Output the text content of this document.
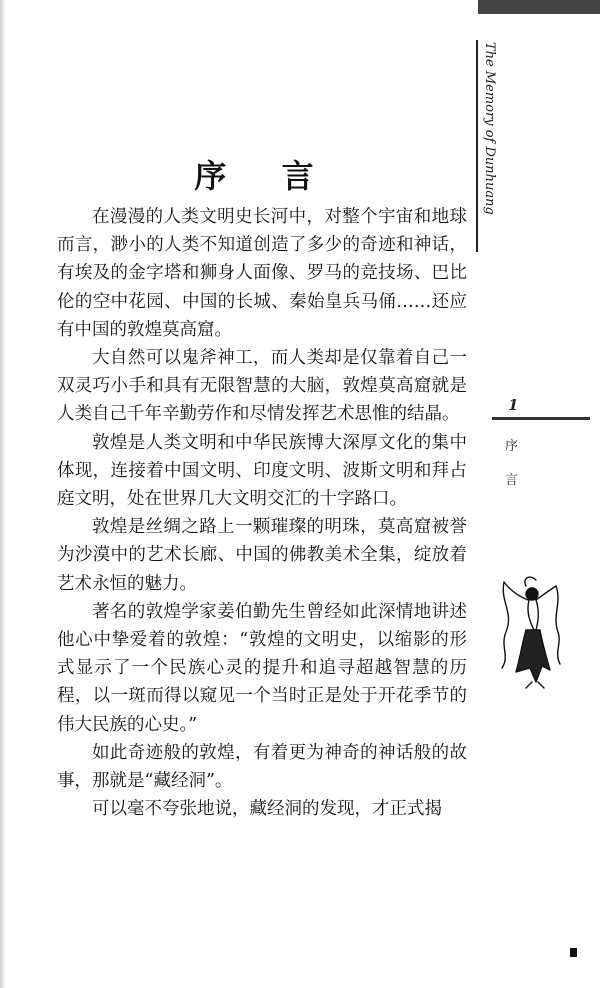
The Memory of Dunhuang
序 言

在漫漫的人类文明史长河中，对整个宇宙和地球而言，渺小的人类不知道创造了多少的奇迹和神话，有埃及的金字塔和狮身人面像、罗马的竞技场、巴比伦的空中花园、中国的长城、秦始皇兵马俑……还应有中国的敦煌莫高窟。

大自然可以鬼斧神工，而人类却是仅靠着自己一双灵巧小手和具有无限智慧的大脑，敦煌莫高窟就是人类自己千年辛勤劳作和尽情发挥艺术思惟的结晶。

敦煌是人类文明和中华民族博大深厚文化的集中体现，连接着中国文明、印度文明、波斯文明和拜占庭文明，处在世界几大文明交汇的十字路口。

敦煌是丝绸之路上一颗璀璨的明珠，莫高窟被誉为沙漠中的艺术长廊、中国的佛教美术全集，绽放着艺术永恒的魅力。

著名的敦煌学家姜伯勤先生曾经如此深情地讲述他心中挚爱着的敦煌：“敦煌的文明史，以缩影的形式显示了一个民族心灵的提升和追寻超越智慧的历程，以一斑而得以窥见一个当时正是处于开花季节的伟大民族的心史。”

如此奇迹般的敦煌，有着更为神奇的神话般的故事，那就是“藏经洞”。

可以毫不夸张地说，藏经洞的发现，才正式揭

1
序
言
